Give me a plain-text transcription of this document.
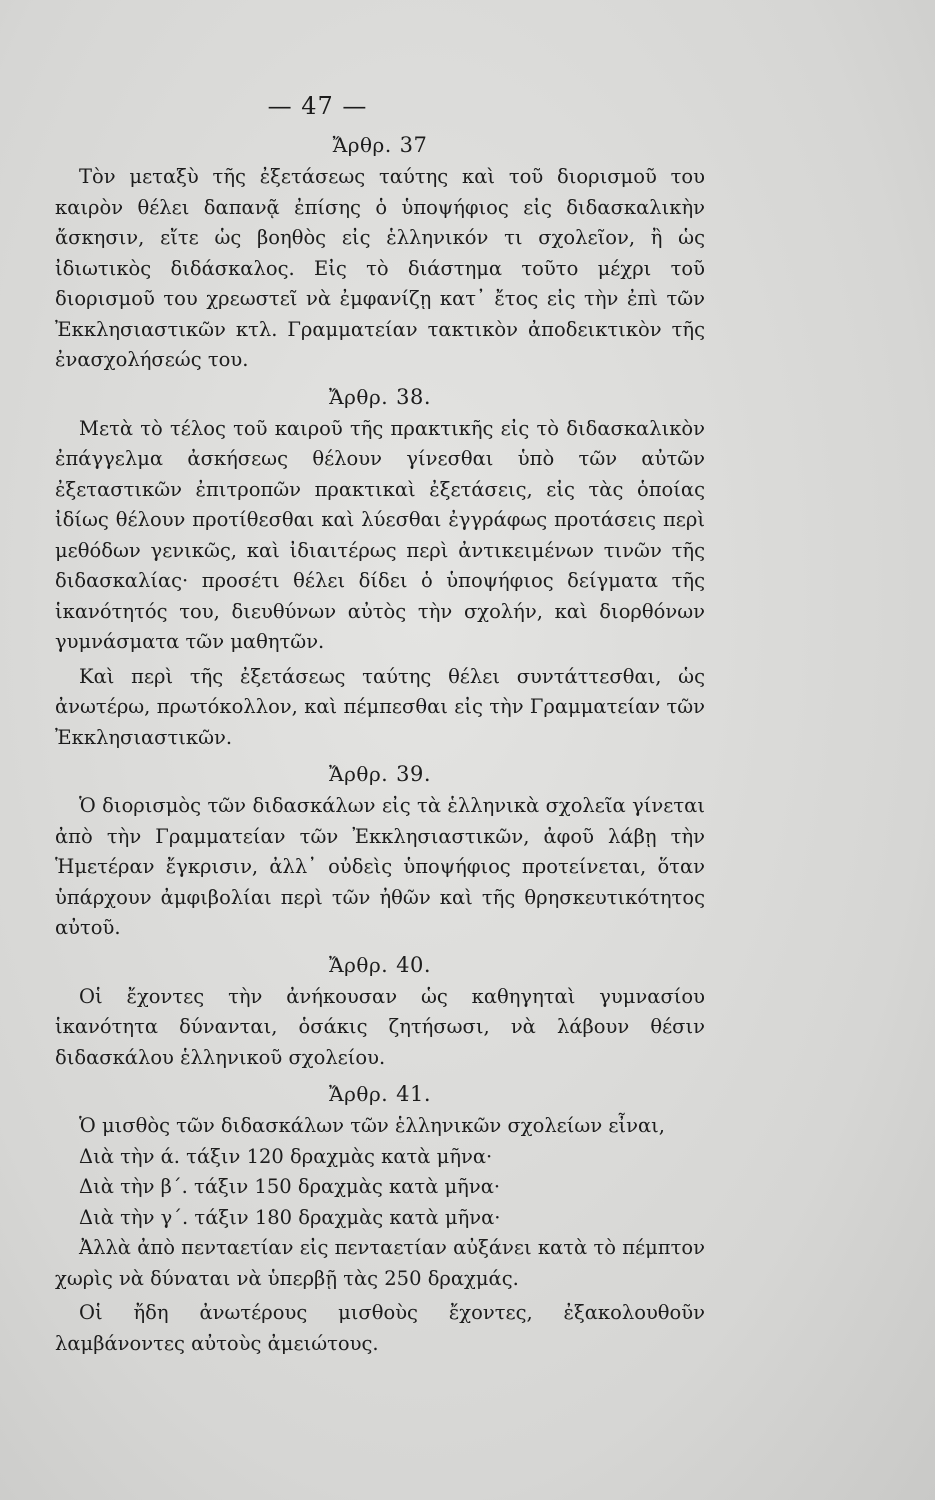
— 47 —

Ἄρθρ. 37

Τὸν μεταξὺ τῆς ἐξετάσεως ταύτης καὶ τοῦ διορισμοῦ του καιρὸν θέλει δαπανᾷ ἐπίσης ὁ ὑποψήφιος εἰς διδασκαλικὴν ἄσκησιν, εἴτε ὡς βοηθὸς εἰς ἑλληνικόν τι σχολεῖον, ἢ ὡς ἰδιωτικὸς διδάσκαλος. Εἰς τὸ διάστημα τοῦτο μέχρι τοῦ διορισμοῦ του χρεωστεῖ νὰ ἐμφανίζῃ κατ᾽ ἔτος εἰς τὴν ἐπὶ τῶν Ἐκκλησιαστικῶν κτλ. Γραμματείαν τακτικὸν ἀποδεικτικὸν τῆς ἐνασχολήσεώς του.

Ἄρθρ. 38.

Μετὰ τὸ τέλος τοῦ καιροῦ τῆς πρακτικῆς εἰς τὸ διδασκαλικὸν ἐπάγγελμα ἀσκήσεως θέλουν γίνεσθαι ὑπὸ τῶν αὐτῶν ἐξεταστικῶν ἐπιτροπῶν πρακτικαὶ ἐξετάσεις, εἰς τὰς ὁποίας ἰδίως θέλουν προτίθεσθαι καὶ λύεσθαι ἐγγράφως προτάσεις περὶ μεθόδων γενικῶς, καὶ ἰδιαιτέρως περὶ ἀντικειμένων τινῶν τῆς διδασκαλίας· προσέτι θέλει δίδει ὁ ὑποψήφιος δείγματα τῆς ἱκανότητός του, διευθύνων αὐτὸς τὴν σχολήν, καὶ διορθόνων γυμνάσματα τῶν μαθητῶν.

Καὶ περὶ τῆς ἐξετάσεως ταύτης θέλει συντάττεσθαι, ὡς ἀνωτέρω, πρωτόκολλον, καὶ πέμπεσθαι εἰς τὴν Γραμματείαν τῶν Ἐκκλησιαστικῶν.

Ἄρθρ. 39.

Ὁ διορισμὸς τῶν διδασκάλων εἰς τὰ ἑλληνικὰ σχολεῖα γίνεται ἀπὸ τὴν Γραμματείαν τῶν Ἐκκλησιαστικῶν, ἀφοῦ λάβῃ τὴν Ἡμετέραν ἔγκρισιν, ἀλλ᾽ οὐδεὶς ὑποψήφιος προτείνεται, ὅταν ὑπάρχουν ἀμφιβολίαι περὶ τῶν ἠθῶν καὶ τῆς θρησκευτικότητος αὐτοῦ.

Ἄρθρ. 40.

Οἱ ἔχοντες τὴν ἀνήκουσαν ὡς καθηγηταὶ γυμνασίου ἱκανότητα δύνανται, ὁσάκις ζητήσωσι, νὰ λάβουν θέσιν διδασκάλου ἑλληνικοῦ σχολείου.

Ἄρθρ. 41.

Ὁ μισθὸς τῶν διδασκάλων τῶν ἑλληνικῶν σχολείων εἶναι,

Διὰ τὴν ά. τάξιν 120 δραχμὰς κατὰ μῆνα·

Διὰ τὴν β΄. τάξιν 150 δραχμὰς κατὰ μῆνα·

Διὰ τὴν γ΄. τάξιν 180 δραχμὰς κατὰ μῆνα·

Ἀλλὰ ἀπὸ πενταετίαν εἰς πενταετίαν αὐξάνει κατὰ τὸ πέμπτον χωρὶς νὰ δύναται νὰ ὑπερβῇ τὰς 250 δραχμάς.

Οἱ ἤδη ἀνωτέρους μισθοὺς ἔχοντες, ἐξακολουθοῦν λαμβάνοντες αὐτοὺς ἀμειώτους.
